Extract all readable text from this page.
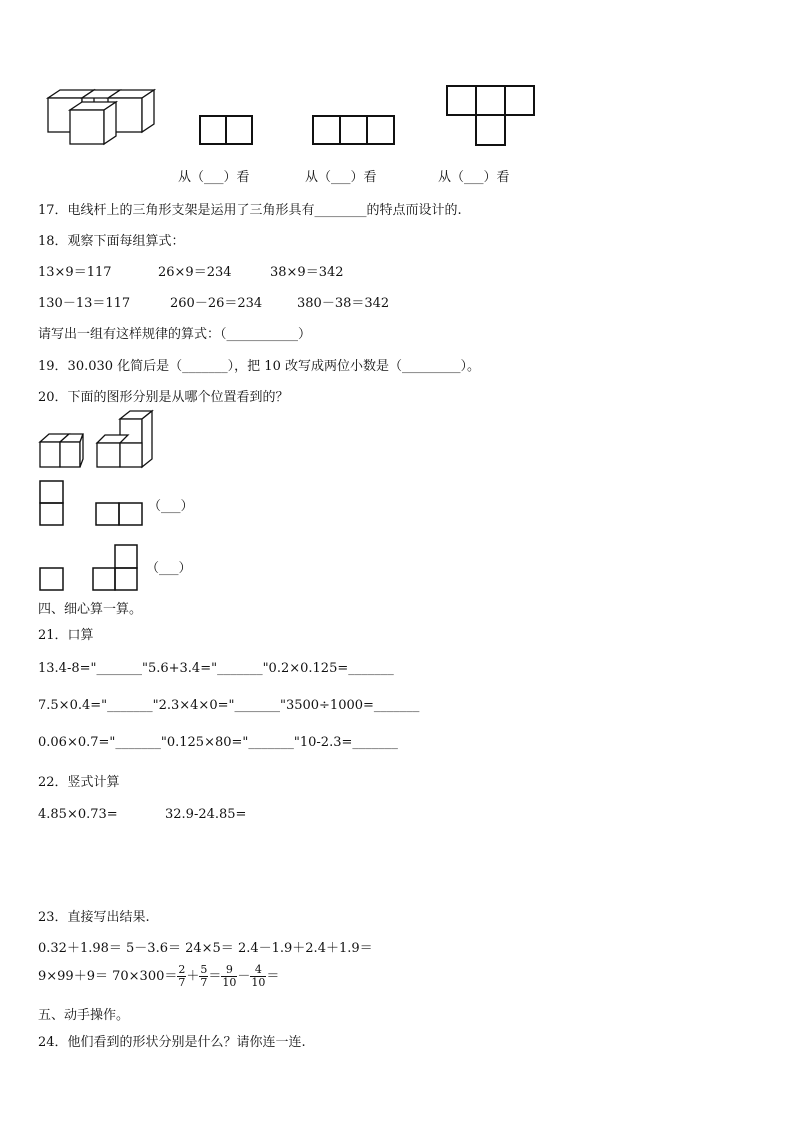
从（___）看	从（___）看	从（___）看
17．电线杆上的三角形支架是运用了三角形具有________的特点而设计的.
18．观察下面每组算式：
13×9＝117	26×9＝234	38×9＝342
130－13＝117	260－26＝234	380－38＝342
请写出一组有这样规律的算式：（___________）
19．30.030 化简后是（_______），把 10 改写成两位小数是（_________）。
20．下面的图形分别是从哪个位置看到的？
（___）
（___）
四、细心算一算。
21．口算
13.4-8="_______"5.6+3.4="_______"0.2×0.125=_______
7.5×0.4="_______"2.3×4×0="_______"3500÷1000=_______
0.06×0.7="_______"0.125×80="_______"10-2.3=_______
22．竖式计算
4.85×0.73=	32.9-24.85=
23．直接写出结果.
0.32＋1.98＝ 5－3.6＝ 24×5＝ 2.4－1.9＋2.4＋1.9＝
$9\times 99+9= 70\times 300= \frac{2}{7} + \frac{5}{7} = \frac{9}{10} - \frac{4}{10}$ ＝
五、动手操作。
24．他们看到的形状分别是什么？请你连一连.
